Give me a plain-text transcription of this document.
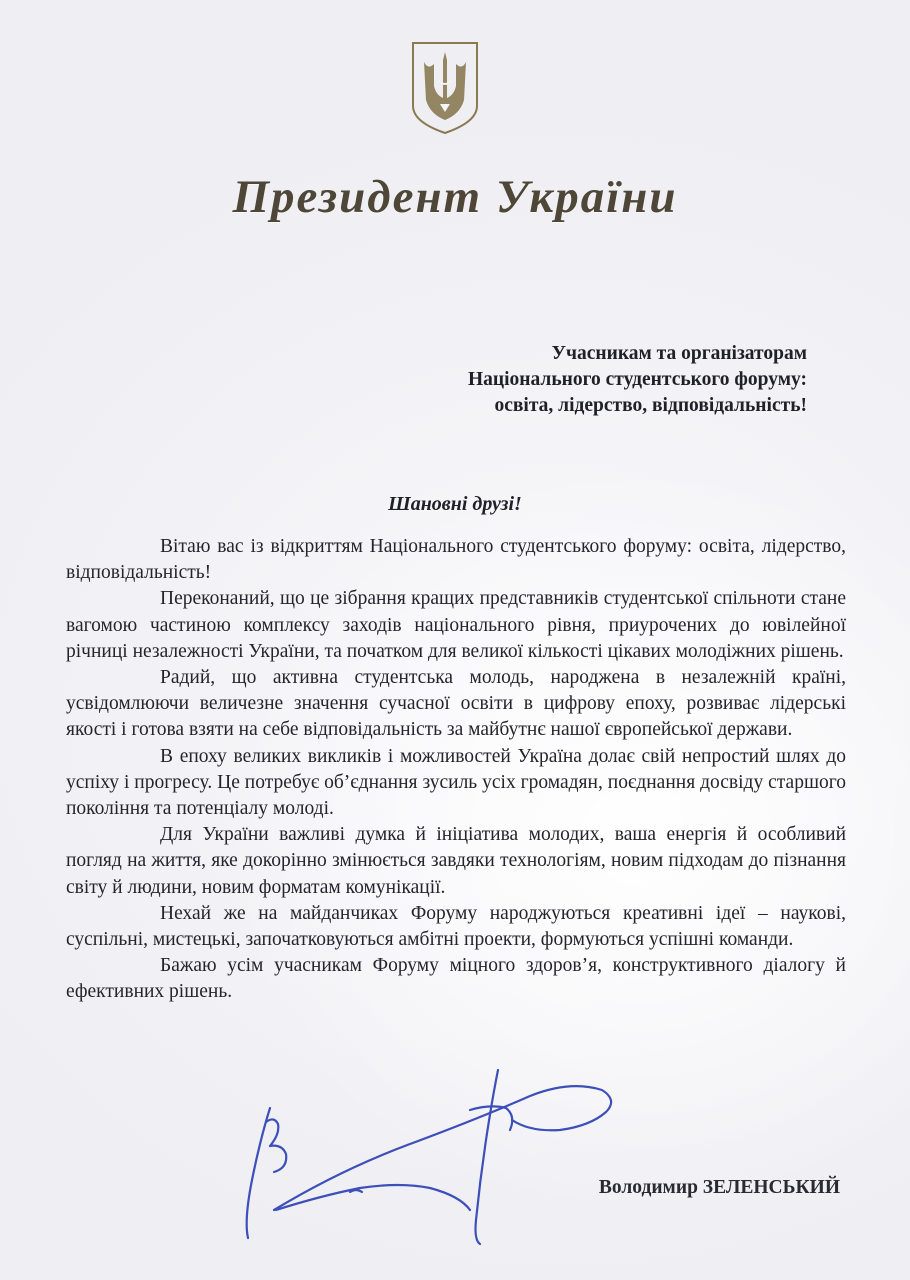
Президент України
Учасникам та організаторам
Національного студентського форуму:
освіта, лідерство, відповідальність!
Шановні друзі!

Вітаю вас із відкриттям Національного студентського форуму: освіта, лідерство, відповідальність!

Переконаний, що це зібрання кращих представників студентської спільноти стане вагомою частиною комплексу заходів національного рівня, приурочених до ювілейної річниці незалежності України, та початком для великої кількості цікавих молодіжних рішень.

Радий, що активна студентська молодь, народжена в незалежній країні, усвідомлюючи величезне значення сучасної освіти в цифрову епоху, розвиває лідерські якості і готова взяти на себе відповідальність за майбутнє нашої європейської держави.

В епоху великих викликів і можливостей Україна долає свій непростий шлях до успіху і прогресу. Це потребує об’єднання зусиль усіх громадян, поєднання досвіду старшого покоління та потенціалу молоді.

Для України важливі думка й ініціатива молодих, ваша енергія й особливий погляд на життя, яке докорінно змінюється завдяки технологіям, новим підходам до пізнання світу й людини, новим форматам комунікації.

Нехай же на майданчиках Форуму народжуються креативні ідеї – наукові, суспільні, мистецькі, започатковуються амбітні проекти, формуються успішні команди.

Бажаю усім учасникам Форуму міцного здоров’я, конструктивного діалогу й ефективних рішень.

Володимир ЗЕЛЕНСЬКИЙ
